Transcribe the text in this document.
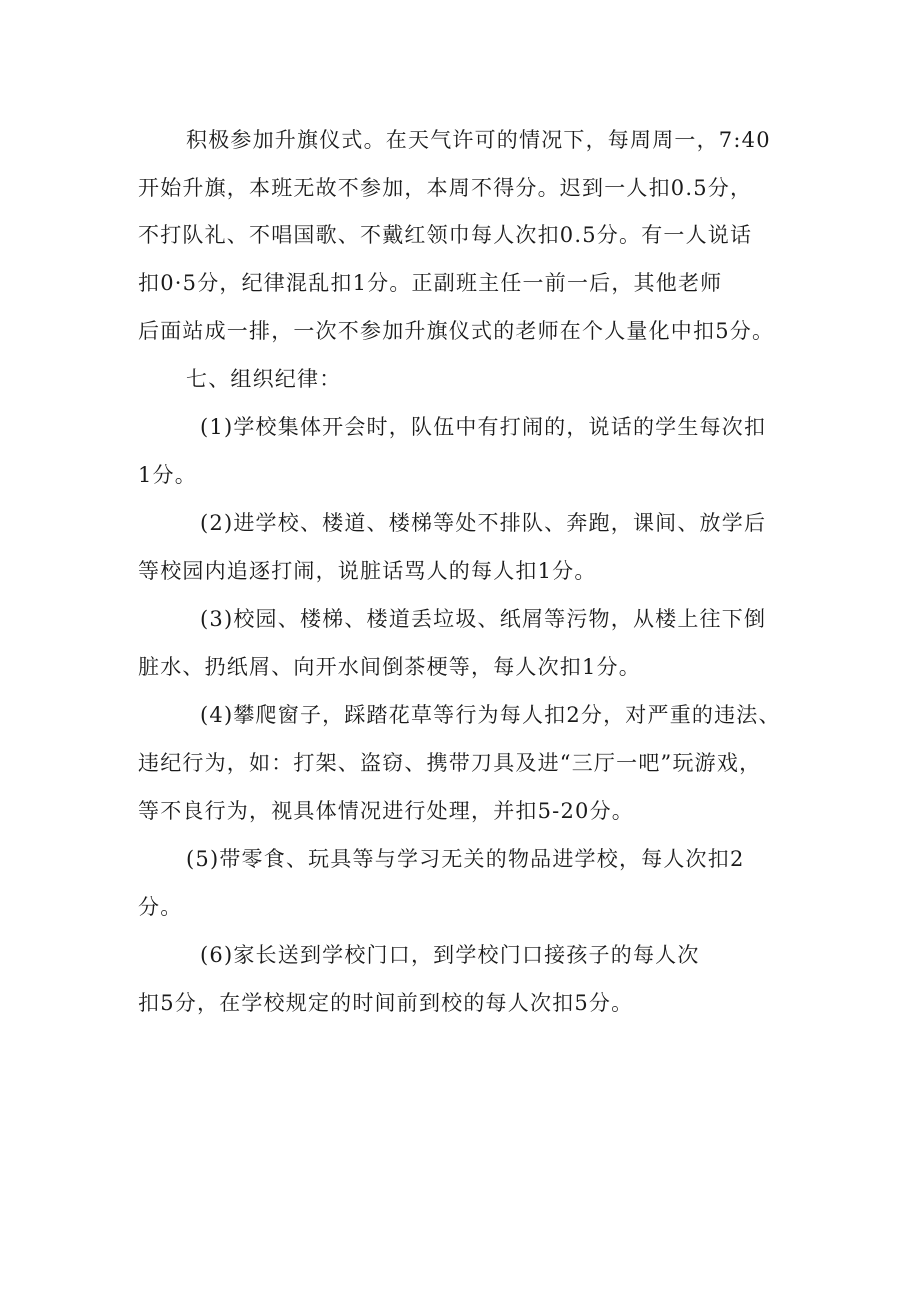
积极参加升旗仪式。在天气许可的情况下，每周周一，7:40
开始升旗，本班无故不参加，本周不得分。迟到一人扣0.5分，
不打队礼、不唱国歌、不戴红领巾每人次扣0.5分。有一人说话
扣0·5分，纪律混乱扣1分。正副班主任一前一后，其他老师
后面站成一排，一次不参加升旗仪式的老师在个人量化中扣5分。
七、组织纪律：
(1)学校集体开会时，队伍中有打闹的，说话的学生每次扣
1分。
(2)进学校、楼道、楼梯等处不排队、奔跑，课间、放学后
等校园内追逐打闹，说脏话骂人的每人扣1分。
(3)校园、楼梯、楼道丢垃圾、纸屑等污物，从楼上往下倒
脏水、扔纸屑、向开水间倒茶梗等，每人次扣1分。
(4)攀爬窗子，踩踏花草等行为每人扣2分，对严重的违法、
违纪行为，如：打架、盗窃、携带刀具及进“三厅一吧”玩游戏，
等不良行为，视具体情况进行处理，并扣5-20分。
(5)带零食、玩具等与学习无关的物品进学校，每人次扣2
分。
(6)家长送到学校门口，到学校门口接孩子的每人次
扣5分，在学校规定的时间前到校的每人次扣5分。
